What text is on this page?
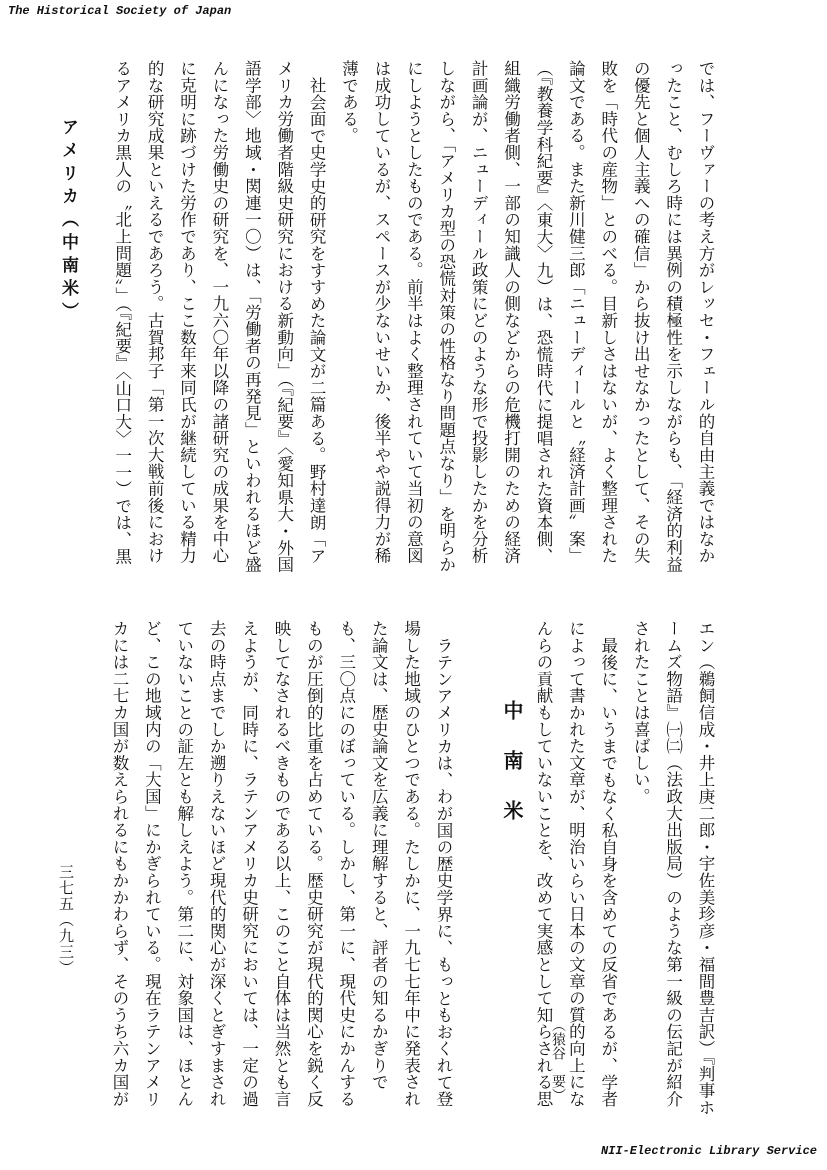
The Historical Society of Japan
では、フーヴァーの考え方がレッセ・フェール的自由主義ではなかったこと、むしろ時には異例の積極性を示しながらも、「経済的利益の優先と個人主義への確信」から抜け出せなかったとして、その失敗を「時代の産物」とのべる。目新しさはないが、よく整理された論文である。また新川健三郎「ニューディールと〝経済計画〟案」（『教養学科紀要』〈東大〉九）は、恐慌時代に提唱された資本側、組織労働者側、一部の知識人の側などからの危機打開のための経済計画論が、ニューディール政策にどのような形で投影したかを分析しながら、「アメリカ型の恐慌対策の性格なり問題点なり」を明らかにしようとしたものである。前半はよく整理されていて当初の意図は成功しているが、スペースが少ないせいか、後半やや説得力が稀薄である。
社会面で史学史的研究をすすめた論文が二篇ある。野村達朗「アメリカ労働者階級史研究における新動向」（『紀要』〈愛知県大・外国語学部〉地域・関連一〇）は、「労働者の再発見」といわれるほど盛んになった労働史の研究を、一九六〇年以降の諸研究の成果を中心に克明に跡づけた労作であり、ここ数年来同氏が継続している精力的な研究成果といえるであろう。古賀邦子「第一次大戦前後におけるアメリカ黒人の〝北上問題〟」（『紀要』〈山口大〉一一）では、黒
アメリカ（中南米）
エン（鵜飼信成・井上庚二郎・宇佐美珍彦・福間豊吉訳）『判事ホームズ物語』㈠㈡（法政大出版局）のような第一級の伝記が紹介されたことは喜ばしい。
最後に、いうまでもなく私自身を含めての反省であるが、学者によって書かれた文章が、明治いらい日本の文章の質的向上になんらの貢献もしていないことを、改めて実感として知らされる思
（猿谷　要）
中南米
ラテンアメリカは、わが国の歴史学界に、もっともおくれて登場した地域のひとつである。たしかに、一九七七年中に発表された論文は、歴史論文を広義に理解すると、評者の知るかぎりでも、三〇点にのぼっている。しかし、第一に、現代史にかんするものが圧倒的比重を占めている。歴史研究が現代的関心を鋭く反映してなされるべきものである以上、このこと自体は当然とも言えようが、同時に、ラテンアメリカ史研究においては、一定の過去の時点までしか遡りえないほど現代的関心が深くとぎすまされていないことの証左とも解しえよう。第二に、対象国は、ほとんど、この地域内の「大国」にかぎられている。現在ラテンアメリカには二七カ国が数えられるにもかかわらず、そのうち六カ国が
三七五（九三）
NII-Electronic Library Service
